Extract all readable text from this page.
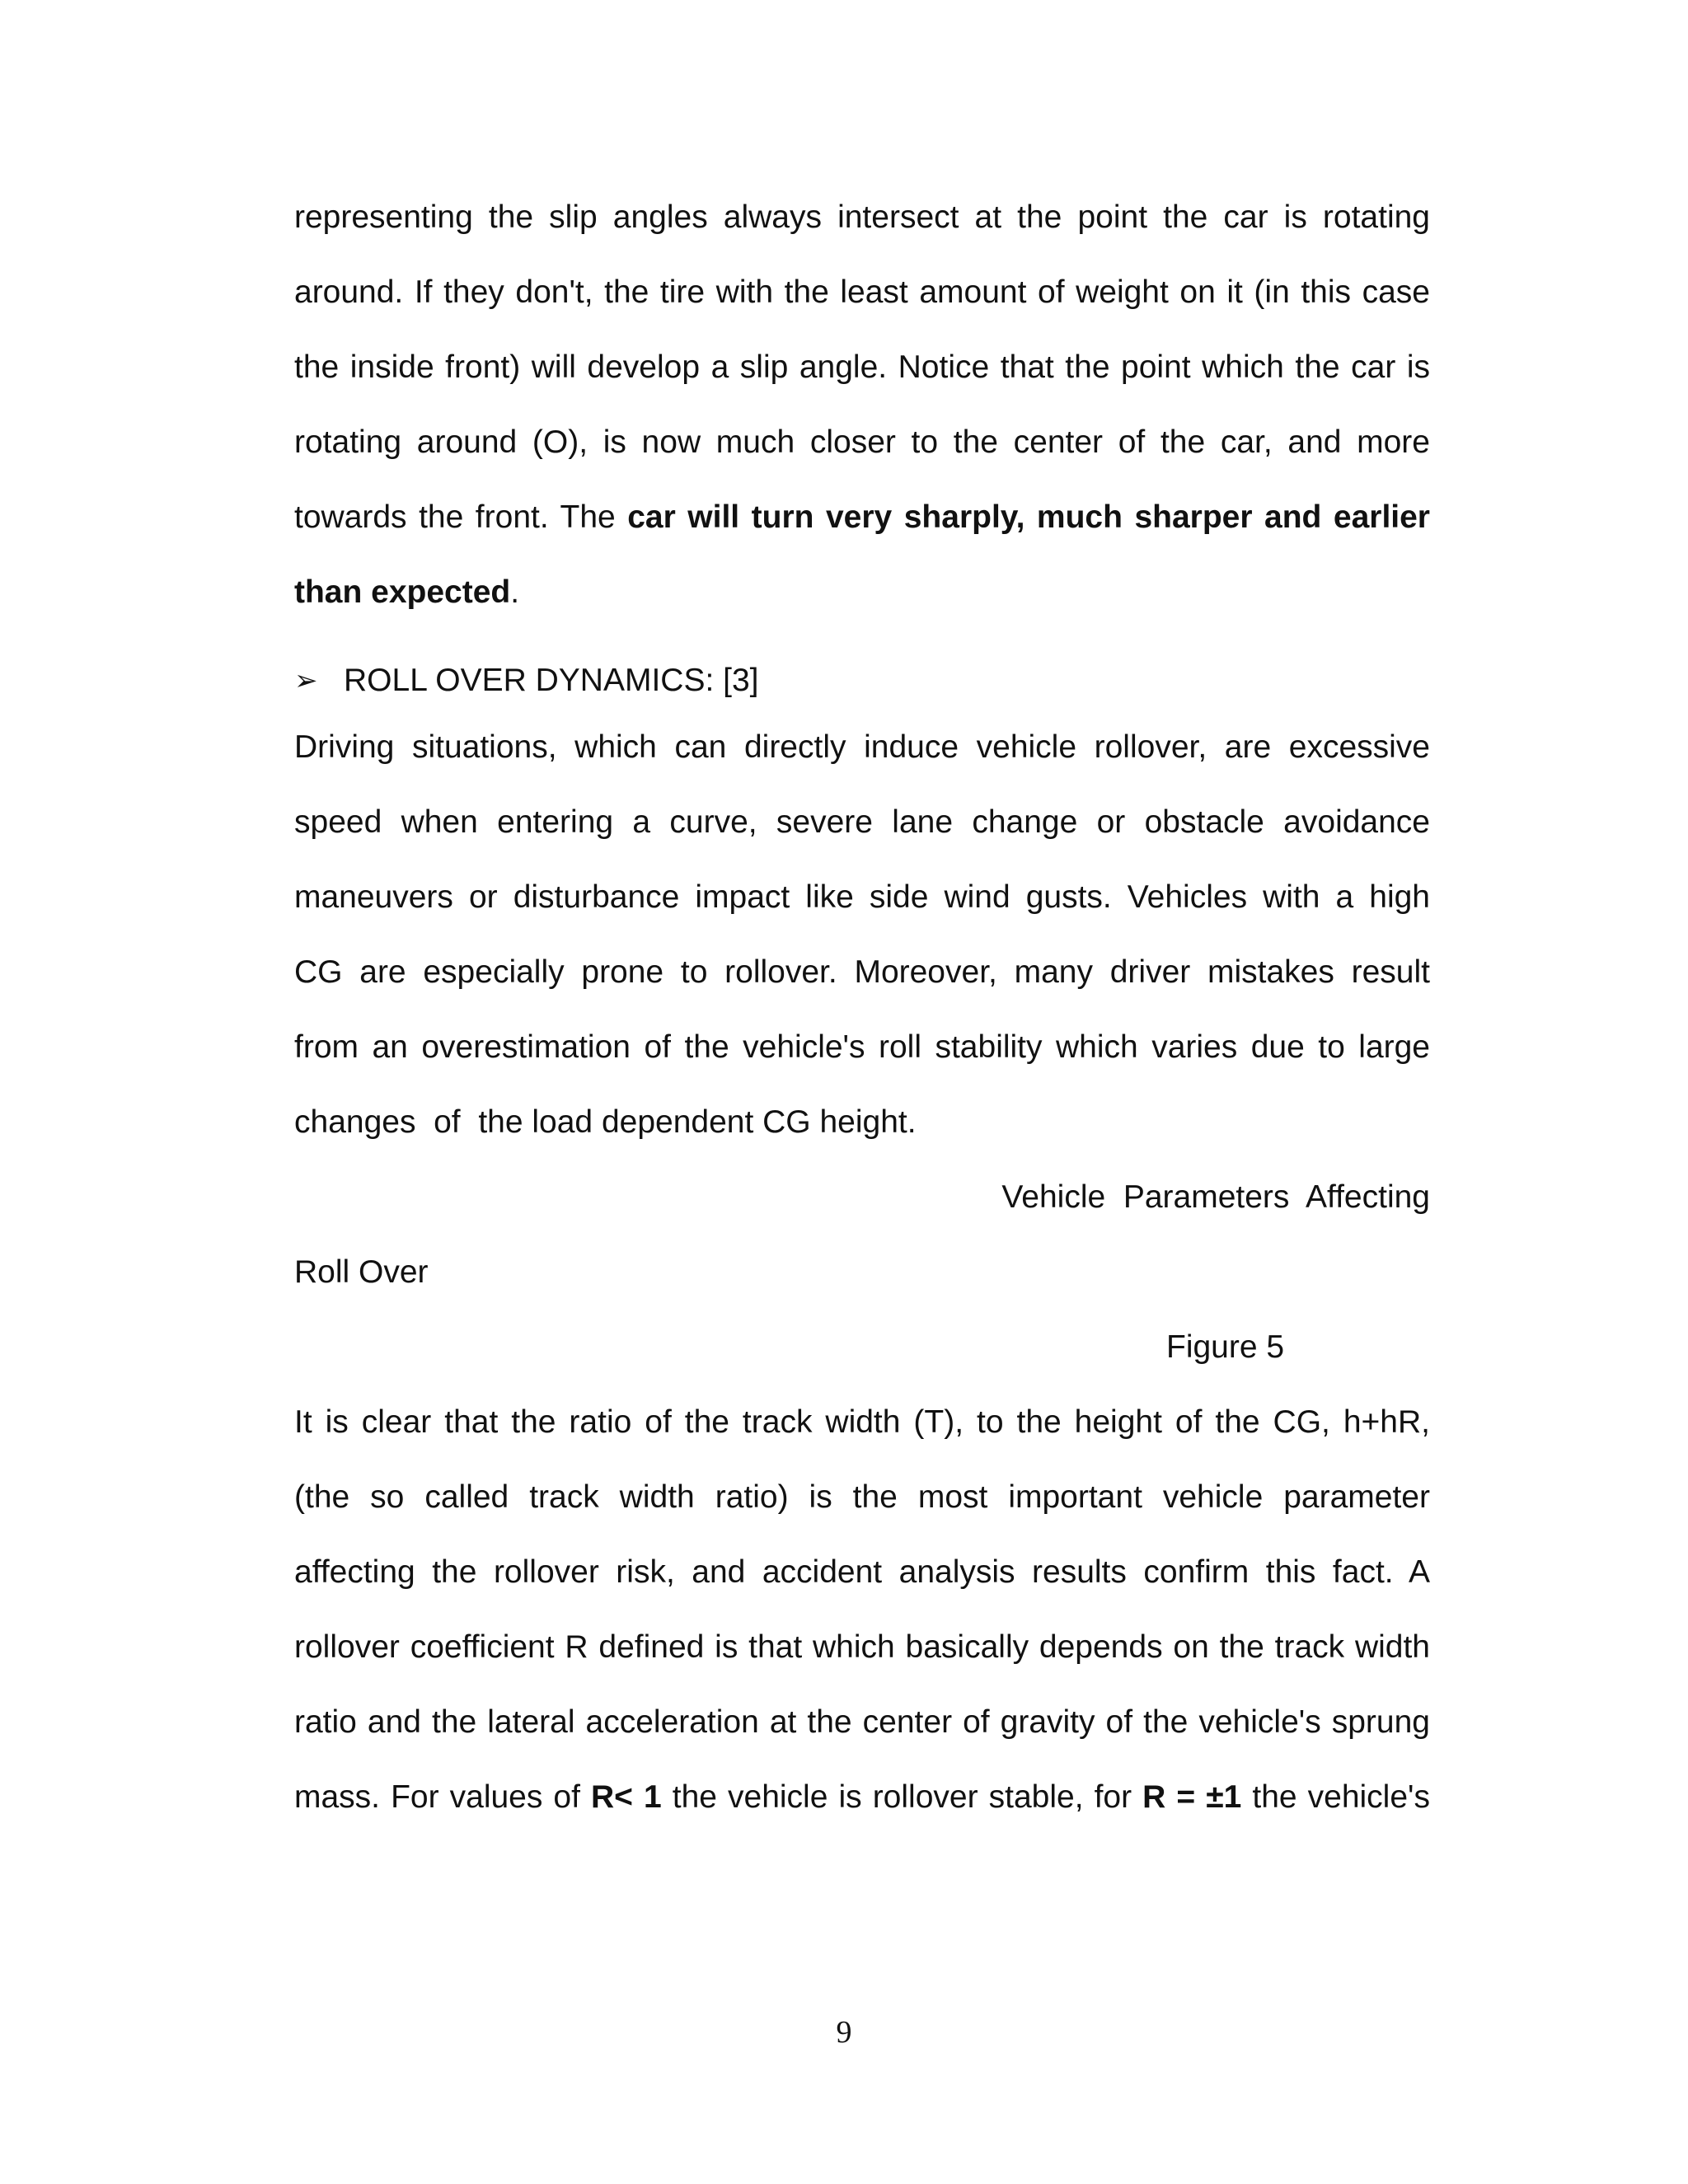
representing the slip angles always intersect at the point the car is rotating
around. If they don't, the tire with the least amount of weight on it (in this case
the inside front) will develop a slip angle. Notice that the point which the car is
rotating around (O), is now much closer to the center of the car, and more
towards the front. The car will turn very sharply, much sharper and earlier
than expected.
➢ ROLL OVER DYNAMICS: [3]
Driving situations, which can directly induce vehicle rollover, are excessive
speed when entering a curve, severe lane change or obstacle avoidance
maneuvers or disturbance impact like side wind gusts. Vehicles with a high
CG are especially prone to rollover. Moreover, many driver mistakes result
from an overestimation of the vehicle's roll stability which varies due to large
changes  of  the load dependent CG height.
Vehicle  Parameters  Affecting
Roll Over
Figure 5
It is clear that the ratio of the track width (T), to the height of the CG, h+hR,
(the so called track width ratio) is the most important vehicle parameter
affecting the rollover risk, and accident analysis results confirm this fact. A
rollover coefficient R defined is that which basically depends on the track width
ratio and the lateral acceleration at the center of gravity of the vehicle's sprung
mass. For values of R< 1 the vehicle is rollover stable, for R = ±1 the vehicle's
9
